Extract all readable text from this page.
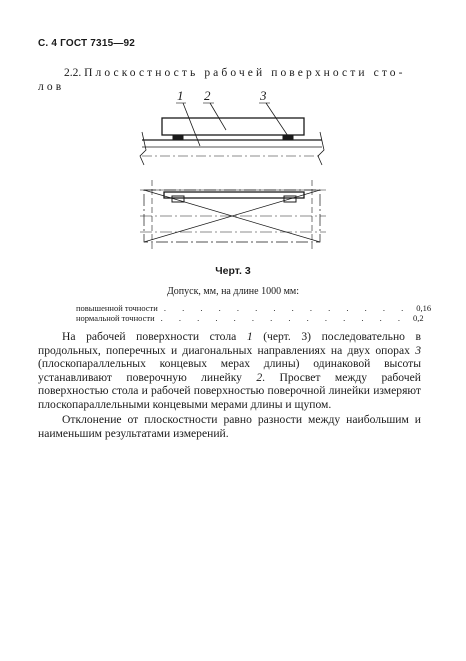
С. 4 ГОСТ 7315—92
2.2. Плоскостность рабочей поверхности сто-
лов
1 2	3
Черт. 3
Допуск, мм, на длине 1000 мм:
повышенной точности . . . . . . . . . . . . . . 0,16
нормальной точности . . . . . . . . . . . . . . 0,2
На рабочей поверхности стола 1 (черт. 3) последовательно в продольных, поперечных и диагональных направлениях на двух опорах 3 (плоскопараллельных концевых мерах длины) одинаковой высоты устанавливают поверочную линейку 2. Просвет между рабочей поверхностью стола и рабочей поверхностью поверочной линейки измеряют плоскопараллельными концевыми мерами длины и щупом.
Отклонение от плоскостности равно разности между наибольшим и наименьшим результатами измерений.
